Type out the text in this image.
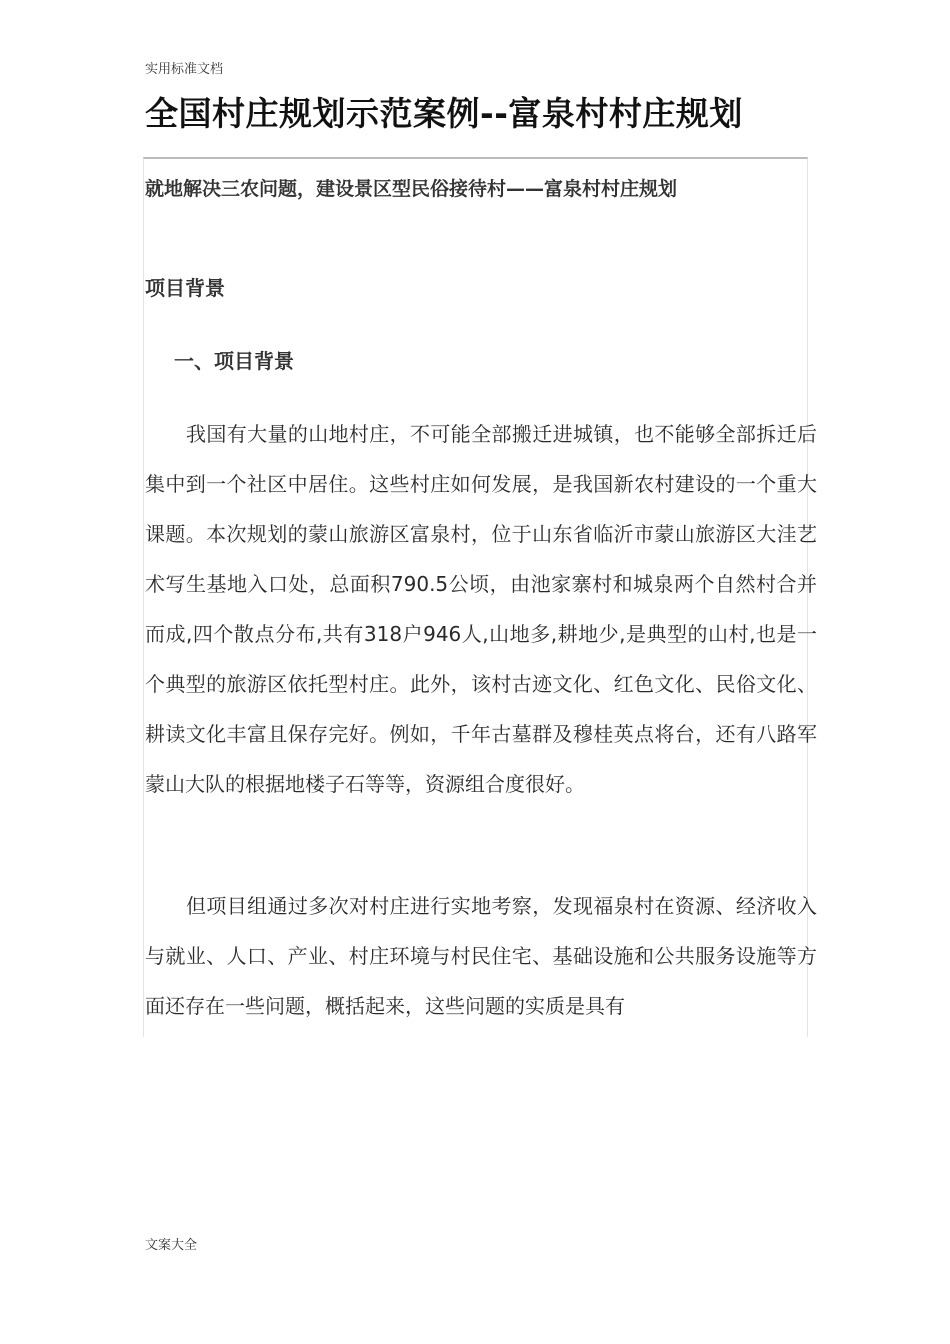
实用标准文档
全国村庄规划示范案例--富泉村村庄规划
就地解决三农问题，建设景区型民俗接待村——富泉村村庄规划
项目背景
一、项目背景

我国有大量的山地村庄，不可能全部搬迁进城镇，也不能够全部拆迁后集中到一个社区中居住。这些村庄如何发展，是我国新农村建设的一个重大课题。本次规划的蒙山旅游区富泉村，位于山东省临沂市蒙山旅游区大洼艺术写生基地入口处，总面积790.5公顷，由池家寨村和城泉两个自然村合并而成,四个散点分布,共有318户946人,山地多,耕地少,是典型的山村,也是一个典型的旅游区依托型村庄。此外，该村古迹文化、红色文化、民俗文化、耕读文化丰富且保存完好。例如，千年古墓群及穆桂英点将台，还有八路军蒙山大队的根据地楼子石等等，资源组合度很好。

但项目组通过多次对村庄进行实地考察，发现福泉村在资源、经济收入与就业、人口、产业、村庄环境与村民住宅、基础设施和公共服务设施等方面还存在一些问题，概括起来，这些问题的实质是具有

文案大全
